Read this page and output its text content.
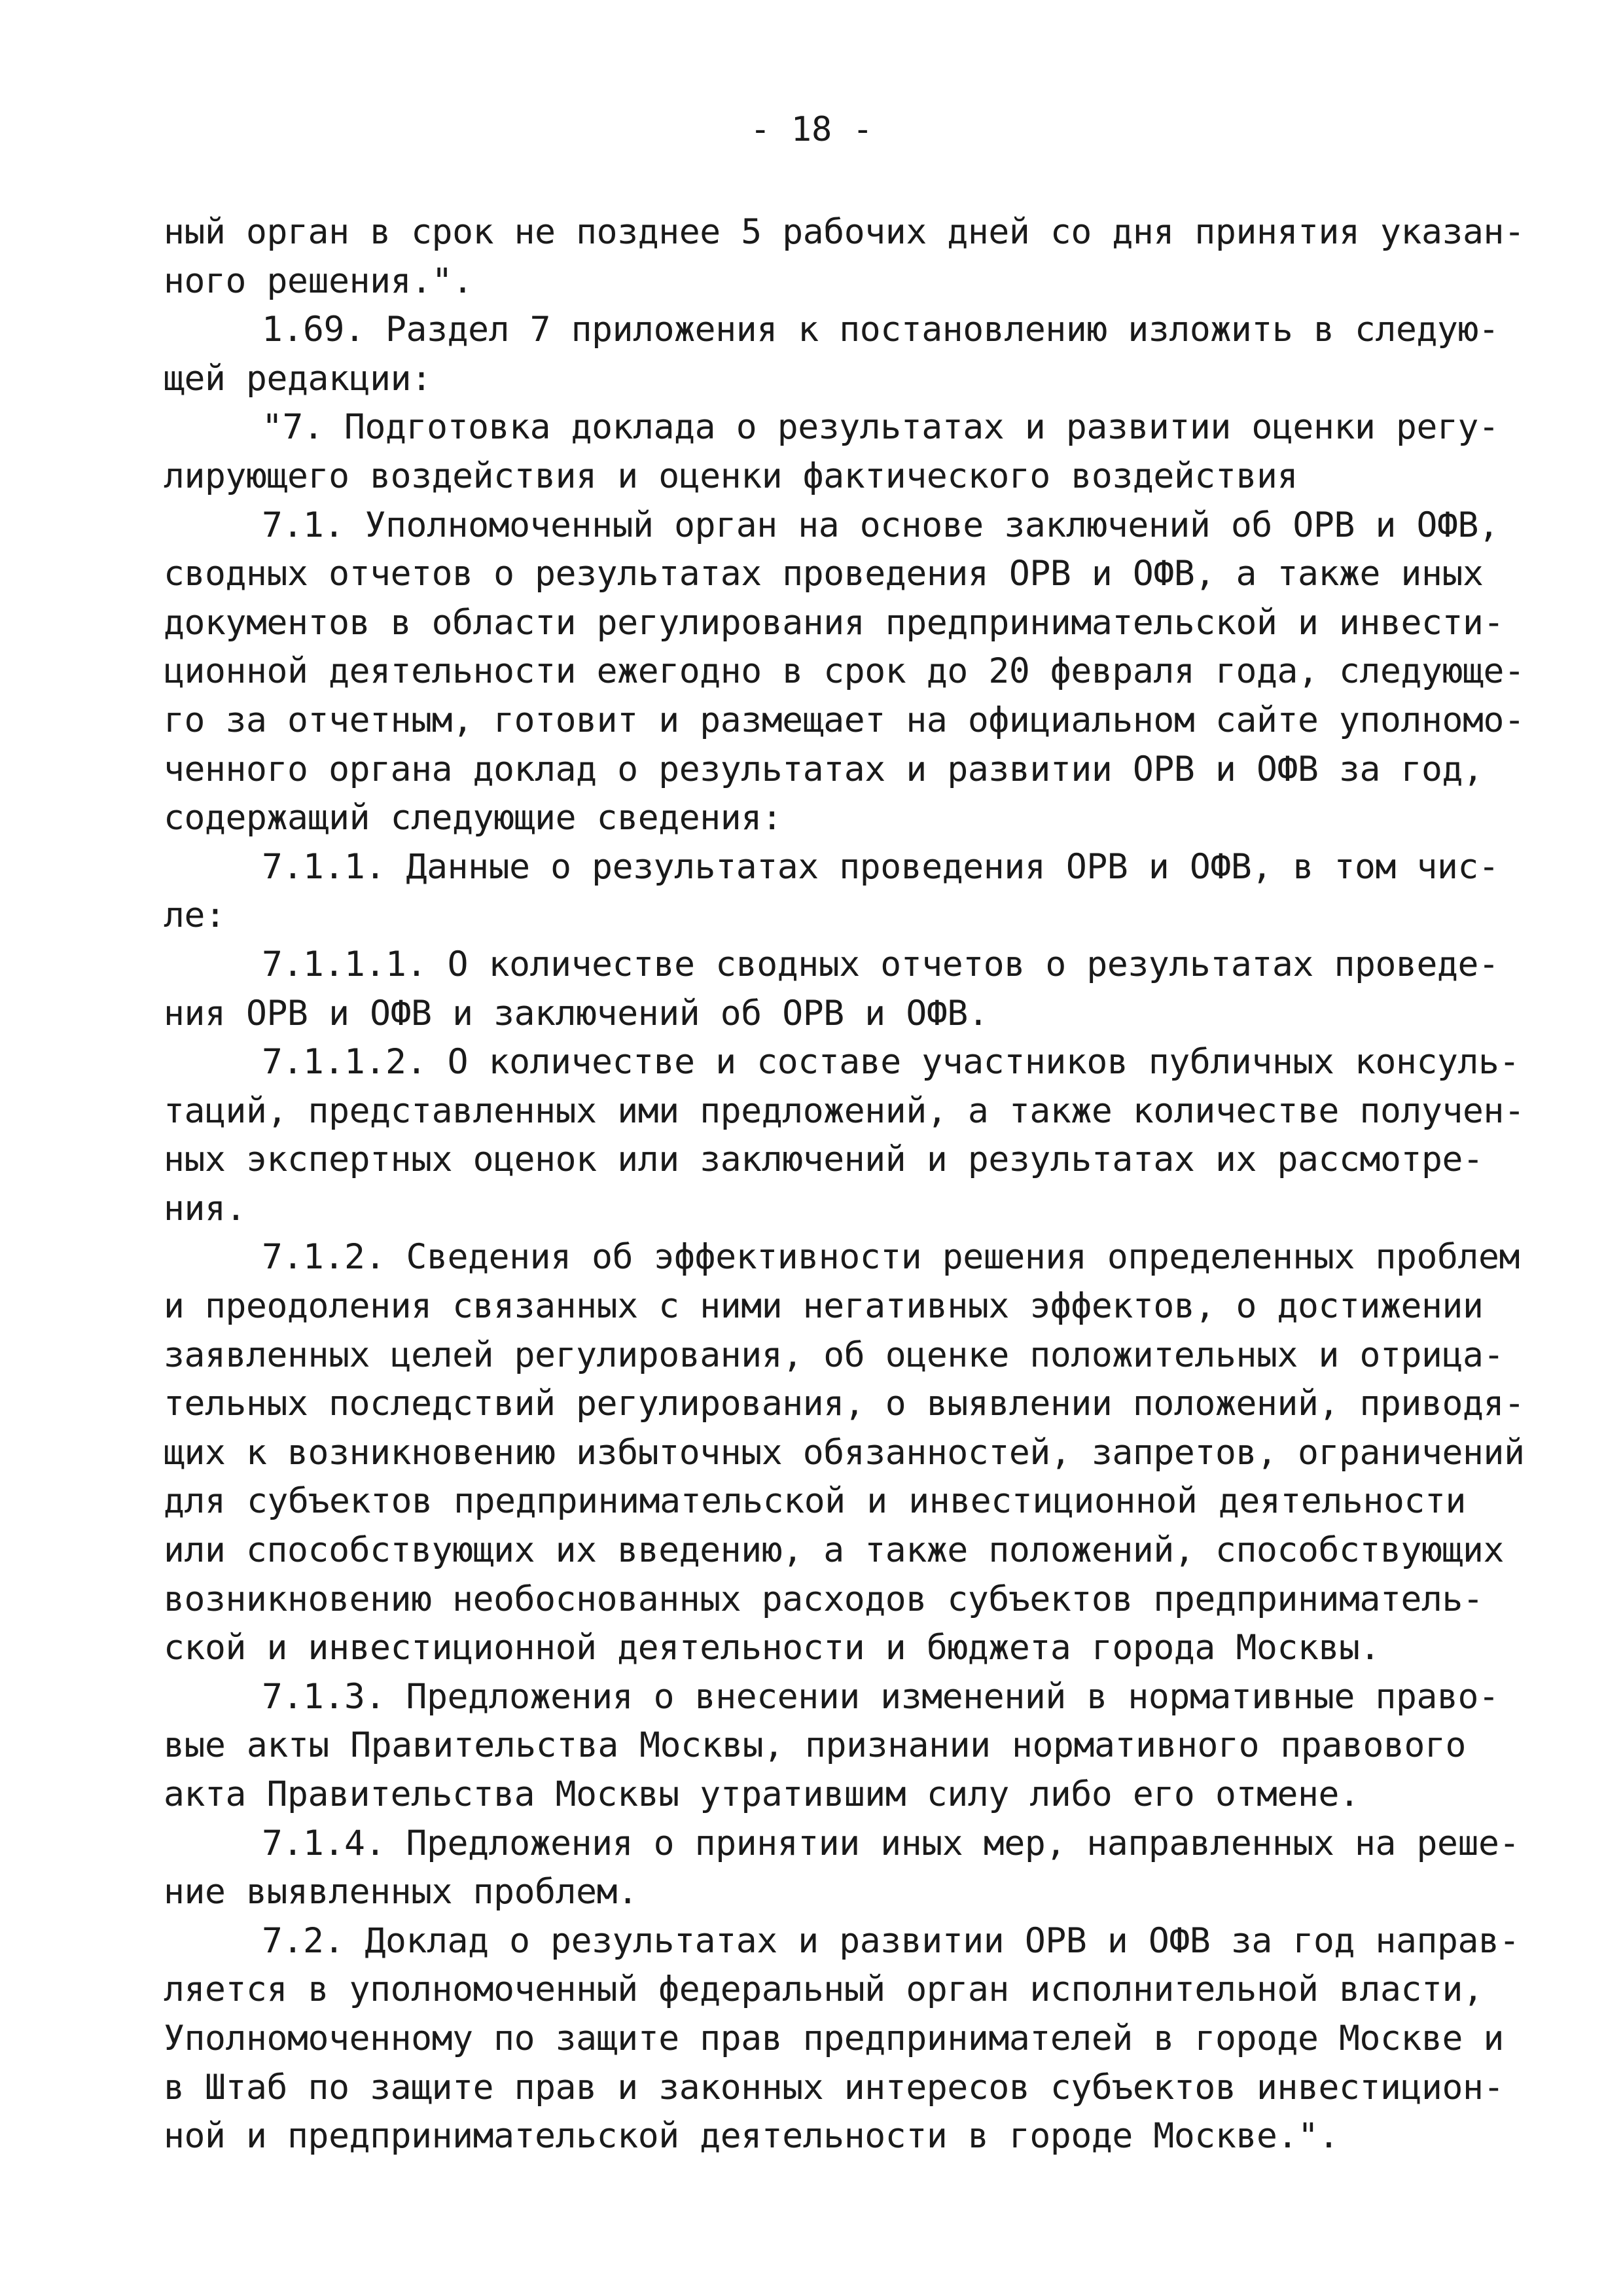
- 18 -
ный орган в срок не позднее 5 рабочих дней со дня принятия указан-
ного решения.".
1.69. Раздел 7 приложения к постановлению изложить в следую-
щей редакции:
"7. Подготовка доклада о результатах и развитии оценки регу-
лирующего воздействия и оценки фактического воздействия
7.1. Уполномоченный орган на основе заключений об ОРВ и ОФВ,
сводных отчетов о результатах проведения ОРВ и ОФВ, а также иных
документов в области регулирования предпринимательской и инвести-
ционной деятельности ежегодно в срок до 20 февраля года, следующе-
го за отчетным, готовит и размещает на официальном сайте уполномо-
ченного органа доклад о результатах и развитии ОРВ и ОФВ за год,
содержащий следующие сведения:
7.1.1. Данные о результатах проведения ОРВ и ОФВ, в том чис-
ле:
7.1.1.1. О количестве сводных отчетов о результатах проведе-
ния ОРВ и ОФВ и заключений об ОРВ и ОФВ.
7.1.1.2. О количестве и составе участников публичных консуль-
таций, представленных ими предложений, а также количестве получен-
ных экспертных оценок или заключений и результатах их рассмотре-
ния.
7.1.2. Сведения об эффективности решения определенных проблем
и преодоления связанных с ними негативных эффектов, о достижении
заявленных целей регулирования, об оценке положительных и отрица-
тельных последствий регулирования, о выявлении положений, приводя-
щих к возникновению избыточных обязанностей, запретов, ограничений
для субъектов предпринимательской и инвестиционной деятельности
или способствующих их введению, а также положений, способствующих
возникновению необоснованных расходов субъектов предприниматель-
ской и инвестиционной деятельности и бюджета города Москвы.
7.1.3. Предложения о внесении изменений в нормативные право-
вые акты Правительства Москвы, признании нормативного правового
акта Правительства Москвы утратившим силу либо его отмене.
7.1.4. Предложения о принятии иных мер, направленных на реше-
ние выявленных проблем.
7.2. Доклад о результатах и развитии ОРВ и ОФВ за год направ-
ляется в уполномоченный федеральный орган исполнительной власти,
Уполномоченному по защите прав предпринимателей в городе Москве и
в Штаб по защите прав и законных интересов субъектов инвестицион-
ной и предпринимательской деятельности в городе Москве.".
